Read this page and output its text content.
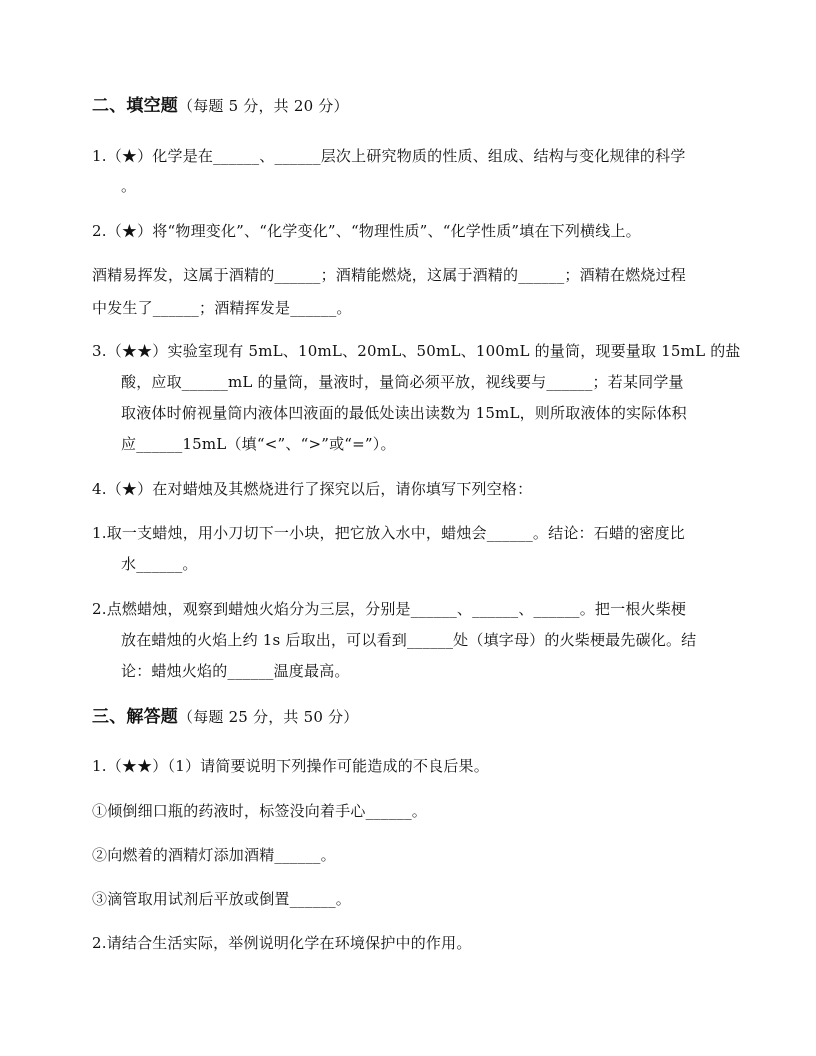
二、填空题（每题 5 分，共 20 分）
1.（★）化学是在______、______层次上研究物质的性质、组成、结构与变化规律的科学
。
2.（★）将“物理变化”、“化学变化”、“物理性质”、“化学性质”填在下列横线上。
酒精易挥发，这属于酒精的______；酒精能燃烧，这属于酒精的______；酒精在燃烧过程
中发生了______；酒精挥发是______。
3.（★★）实验室现有 5mL、10mL、20mL、50mL、100mL 的量筒，现要量取 15mL 的盐
酸，应取______mL 的量筒，量液时，量筒必须平放，视线要与______；若某同学量
取液体时俯视量筒内液体凹液面的最低处读出读数为 15mL，则所取液体的实际体积
应______15mL（填“<”、“>”或“=”）。
4.（★）在对蜡烛及其燃烧进行了探究以后，请你填写下列空格：
1.取一支蜡烛，用小刀切下一小块，把它放入水中，蜡烛会______。结论：石蜡的密度比
水______。
2.点燃蜡烛，观察到蜡烛火焰分为三层，分别是______、______、______。把一根火柴梗
放在蜡烛的火焰上约 1s 后取出，可以看到______处（填字母）的火柴梗最先碳化。结
论：蜡烛火焰的______温度最高。
三、解答题（每题 25 分，共 50 分）
1.（★★）（1）请简要说明下列操作可能造成的不良后果。
①倾倒细口瓶的药液时，标签没向着手心______。
②向燃着的酒精灯添加酒精______。
③滴管取用试剂后平放或倒置______。
2.请结合生活实际，举例说明化学在环境保护中的作用。
